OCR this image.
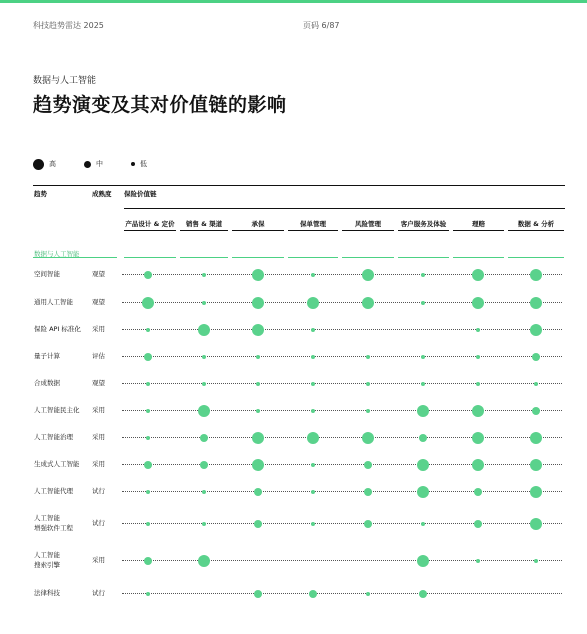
科技趋势雷达 2025	页码 6/87
数据与人工智能
趋势演变及其对价值链的影响
高	中	低
趋势	成熟度 保险价值链
产品设计 & 定价	销售 & 渠道	承保	保单管理	风险管理	客户服务及体验	理赔	数据 & 分析
数据与人工智能
空间智能	观望
通用人工智能	观望
保险 API 标准化 采用
量子计算	评估
合成数据	观望
人工智能民主化 采用
人工智能治理	采用
生成式人工智能 采用
人工智能代理	试行
人工智能
增强软件工程
试行
人工智能
搜索引擎
采用
法律科技	试行
